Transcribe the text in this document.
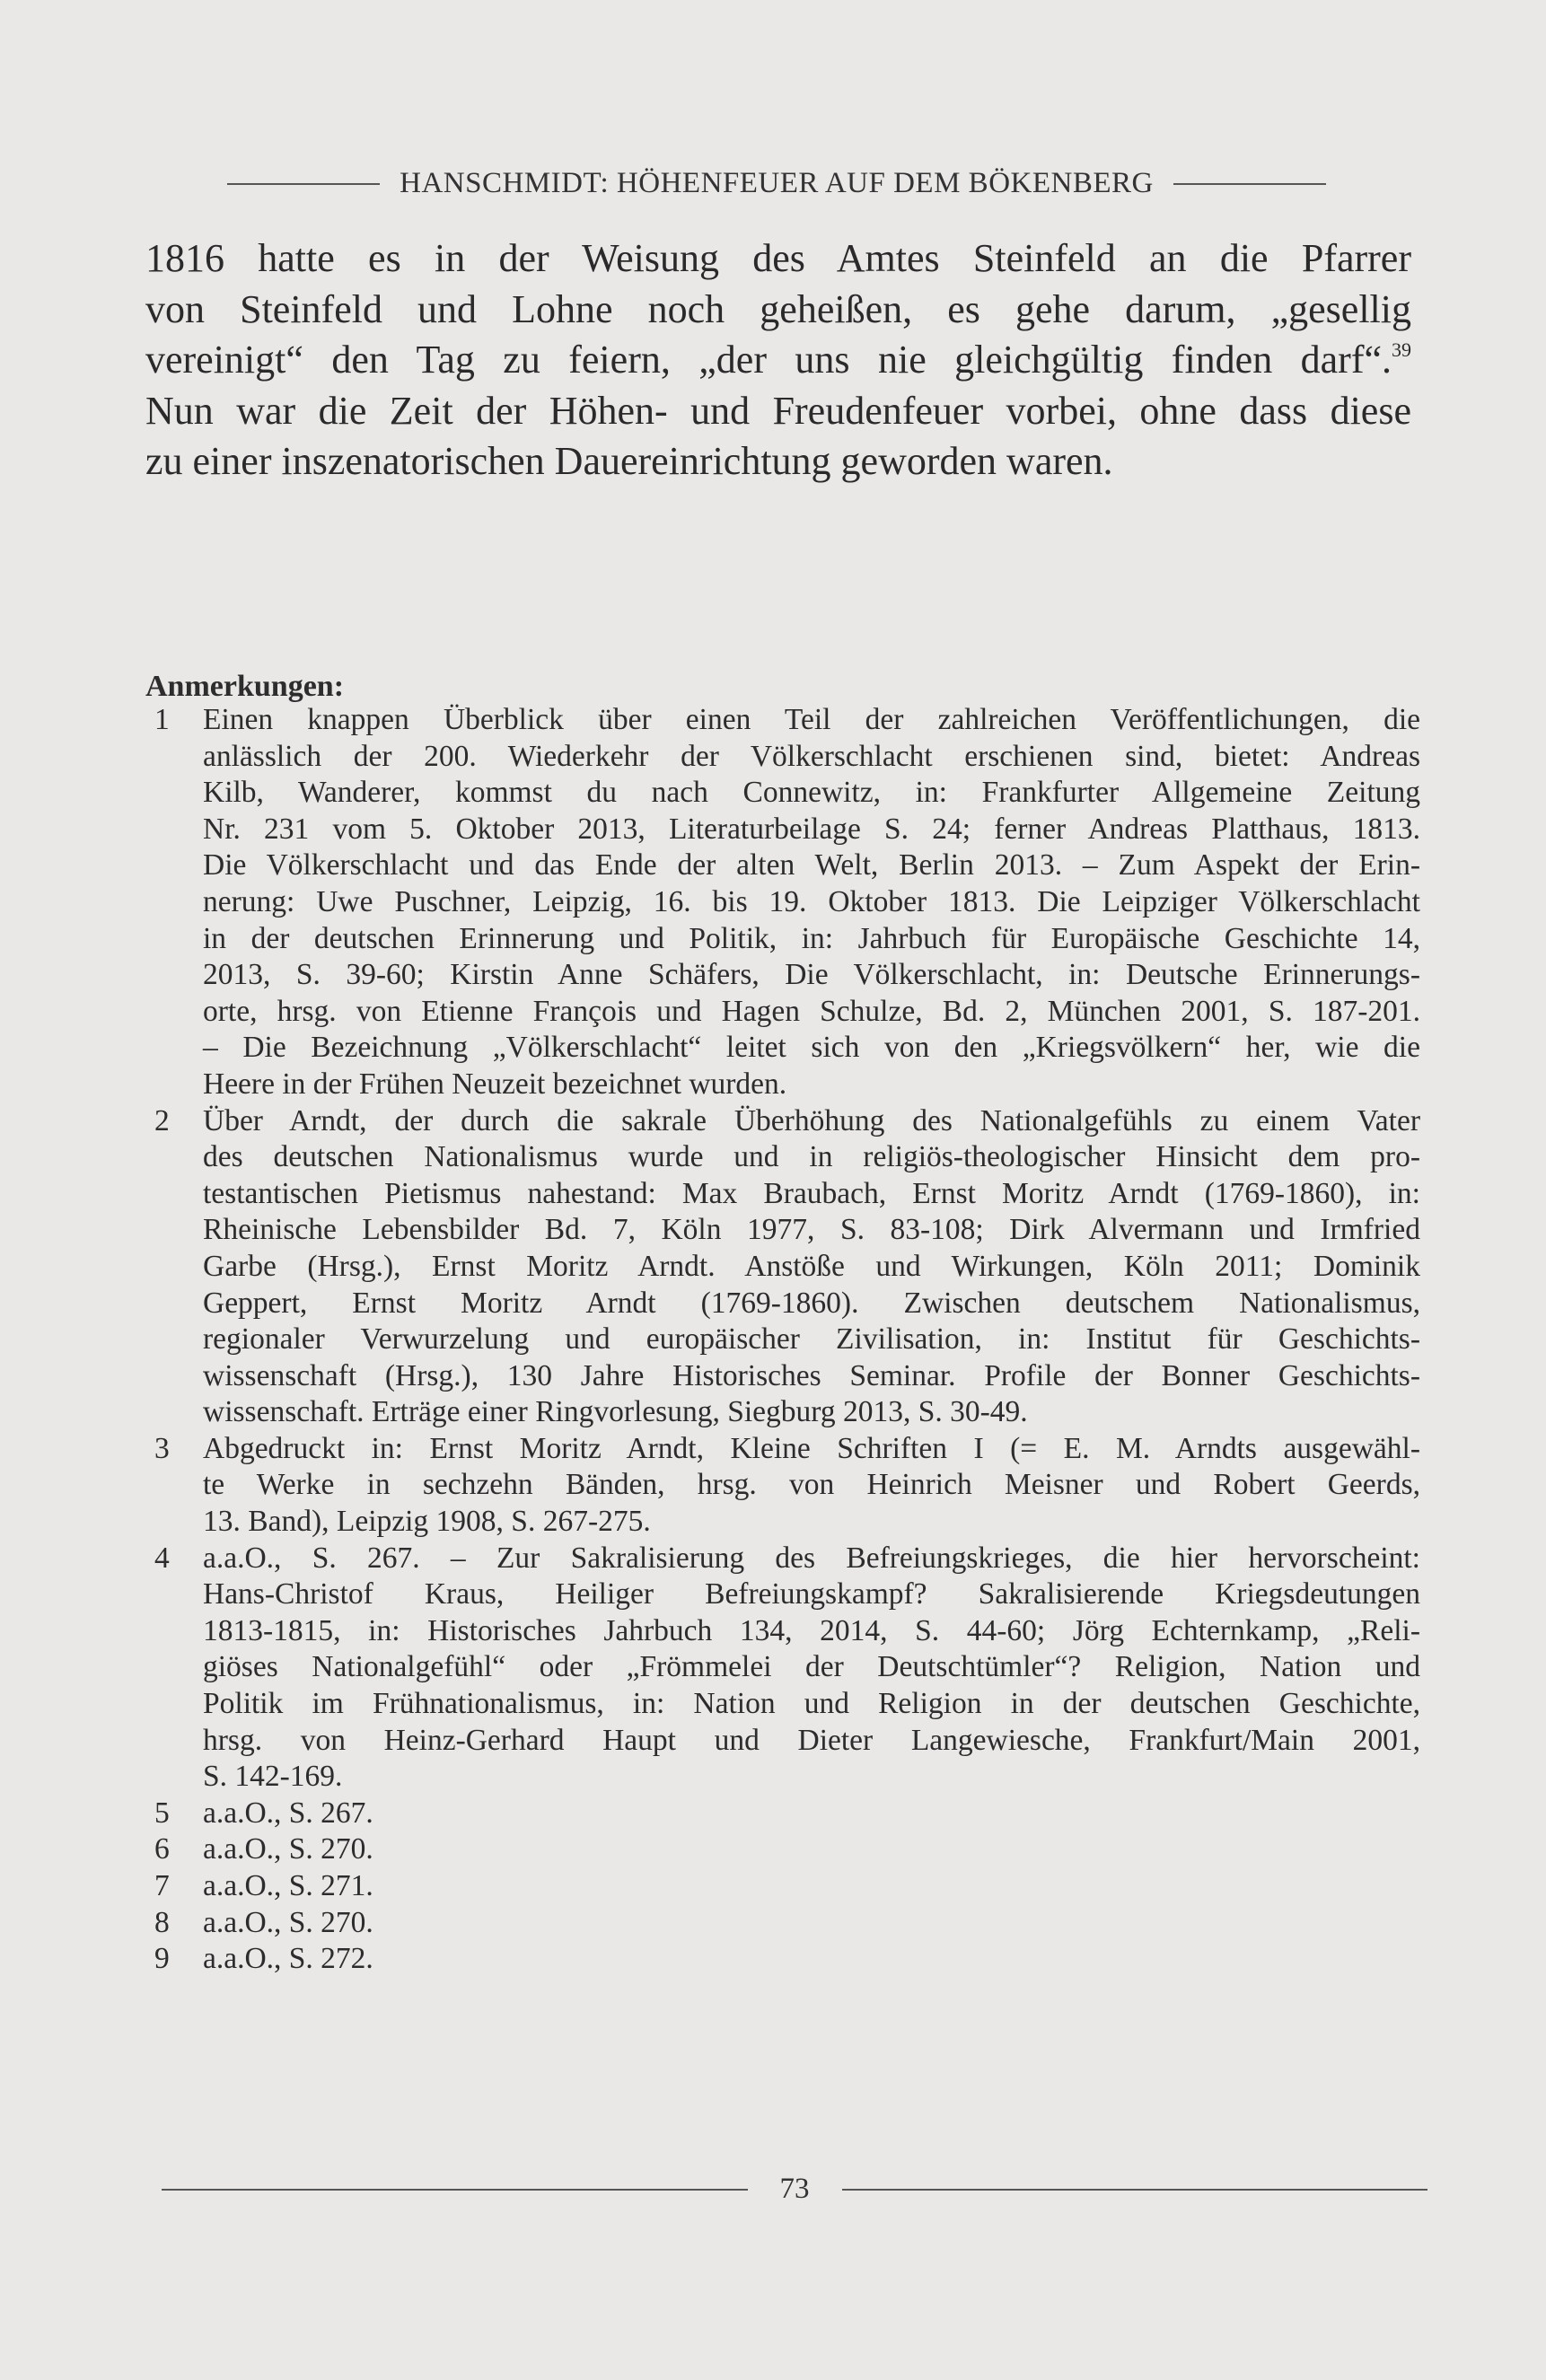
HANSCHMIDT: HÖHENFEUER AUF DEM BÖKENBERG
1816 hatte es in der Weisung des Amtes Steinfeld an die Pfarrer
von Steinfeld und Lohne noch geheißen, es gehe darum, „gesellig
vereinigt“ den Tag zu feiern, „der uns nie gleichgültig finden darf“.$^{39}$
Nun war die Zeit der Höhen- und Freudenfeuer vorbei, ohne dass diese
zu einer inszenatorischen Dauereinrichtung geworden waren.
Anmerkungen:
1	Einen knappen Überblick über einen Teil der zahlreichen Veröffentlichungen, die
anlässlich der 200. Wiederkehr der Völkerschlacht erschienen sind, bietet: Andreas
Kilb, Wanderer, kommst du nach Connewitz, in: Frankfurter Allgemeine Zeitung
Nr. 231 vom 5. Oktober 2013, Literaturbeilage S. 24; ferner Andreas Platthaus, 1813.
Die Völkerschlacht und das Ende der alten Welt, Berlin 2013. – Zum Aspekt der Erin-
nerung: Uwe Puschner, Leipzig, 16. bis 19. Oktober 1813. Die Leipziger Völkerschlacht
in der deutschen Erinnerung und Politik, in: Jahrbuch für Europäische Geschichte 14,
2013, S. 39-60; Kirstin Anne Schäfers, Die Völkerschlacht, in: Deutsche Erinnerungs-
orte, hrsg. von Etienne François und Hagen Schulze, Bd. 2, München 2001, S. 187-201.
– Die Bezeichnung „Völkerschlacht“ leitet sich von den „Kriegsvölkern“ her, wie die
Heere in der Frühen Neuzeit bezeichnet wurden.
2	Über Arndt, der durch die sakrale Überhöhung des Nationalgefühls zu einem Vater
des deutschen Nationalismus wurde und in religiös-theologischer Hinsicht dem pro-
testantischen Pietismus nahestand: Max Braubach, Ernst Moritz Arndt (1769-1860), in:
Rheinische Lebensbilder Bd. 7, Köln 1977, S. 83-108; Dirk Alvermann und Irmfried
Garbe (Hrsg.), Ernst Moritz Arndt. Anstöße und Wirkungen, Köln 2011; Dominik
Geppert, Ernst Moritz Arndt (1769-1860). Zwischen deutschem Nationalismus,
regionaler Verwurzelung und europäischer Zivilisation, in: Institut für Geschichts-
wissenschaft (Hrsg.), 130 Jahre Historisches Seminar. Profile der Bonner Geschichts-
wissenschaft. Erträge einer Ringvorlesung, Siegburg 2013, S. 30-49.
3	Abgedruckt in: Ernst Moritz Arndt, Kleine Schriften I (= E. M. Arndts ausgewähl-
te Werke in sechzehn Bänden, hrsg. von Heinrich Meisner und Robert Geerds,
13. Band), Leipzig 1908, S. 267-275.
4	a.a.O., S. 267. – Zur Sakralisierung des Befreiungskrieges, die hier hervorscheint:
Hans-Christof Kraus, Heiliger Befreiungskampf? Sakralisierende Kriegsdeutungen
1813-1815, in: Historisches Jahrbuch 134, 2014, S. 44-60; Jörg Echternkamp, „Reli-
giöses Nationalgefühl“ oder „Frömmelei der Deutschtümler“? Religion, Nation und
Politik im Frühnationalismus, in: Nation und Religion in der deutschen Geschichte,
hrsg. von Heinz-Gerhard Haupt und Dieter Langewiesche, Frankfurt/Main 2001,
S. 142-169.
5	a.a.O., S. 267.
6	a.a.O., S. 270.
7	a.a.O., S. 271.
8	a.a.O., S. 270.
9	a.a.O., S. 272.
73
